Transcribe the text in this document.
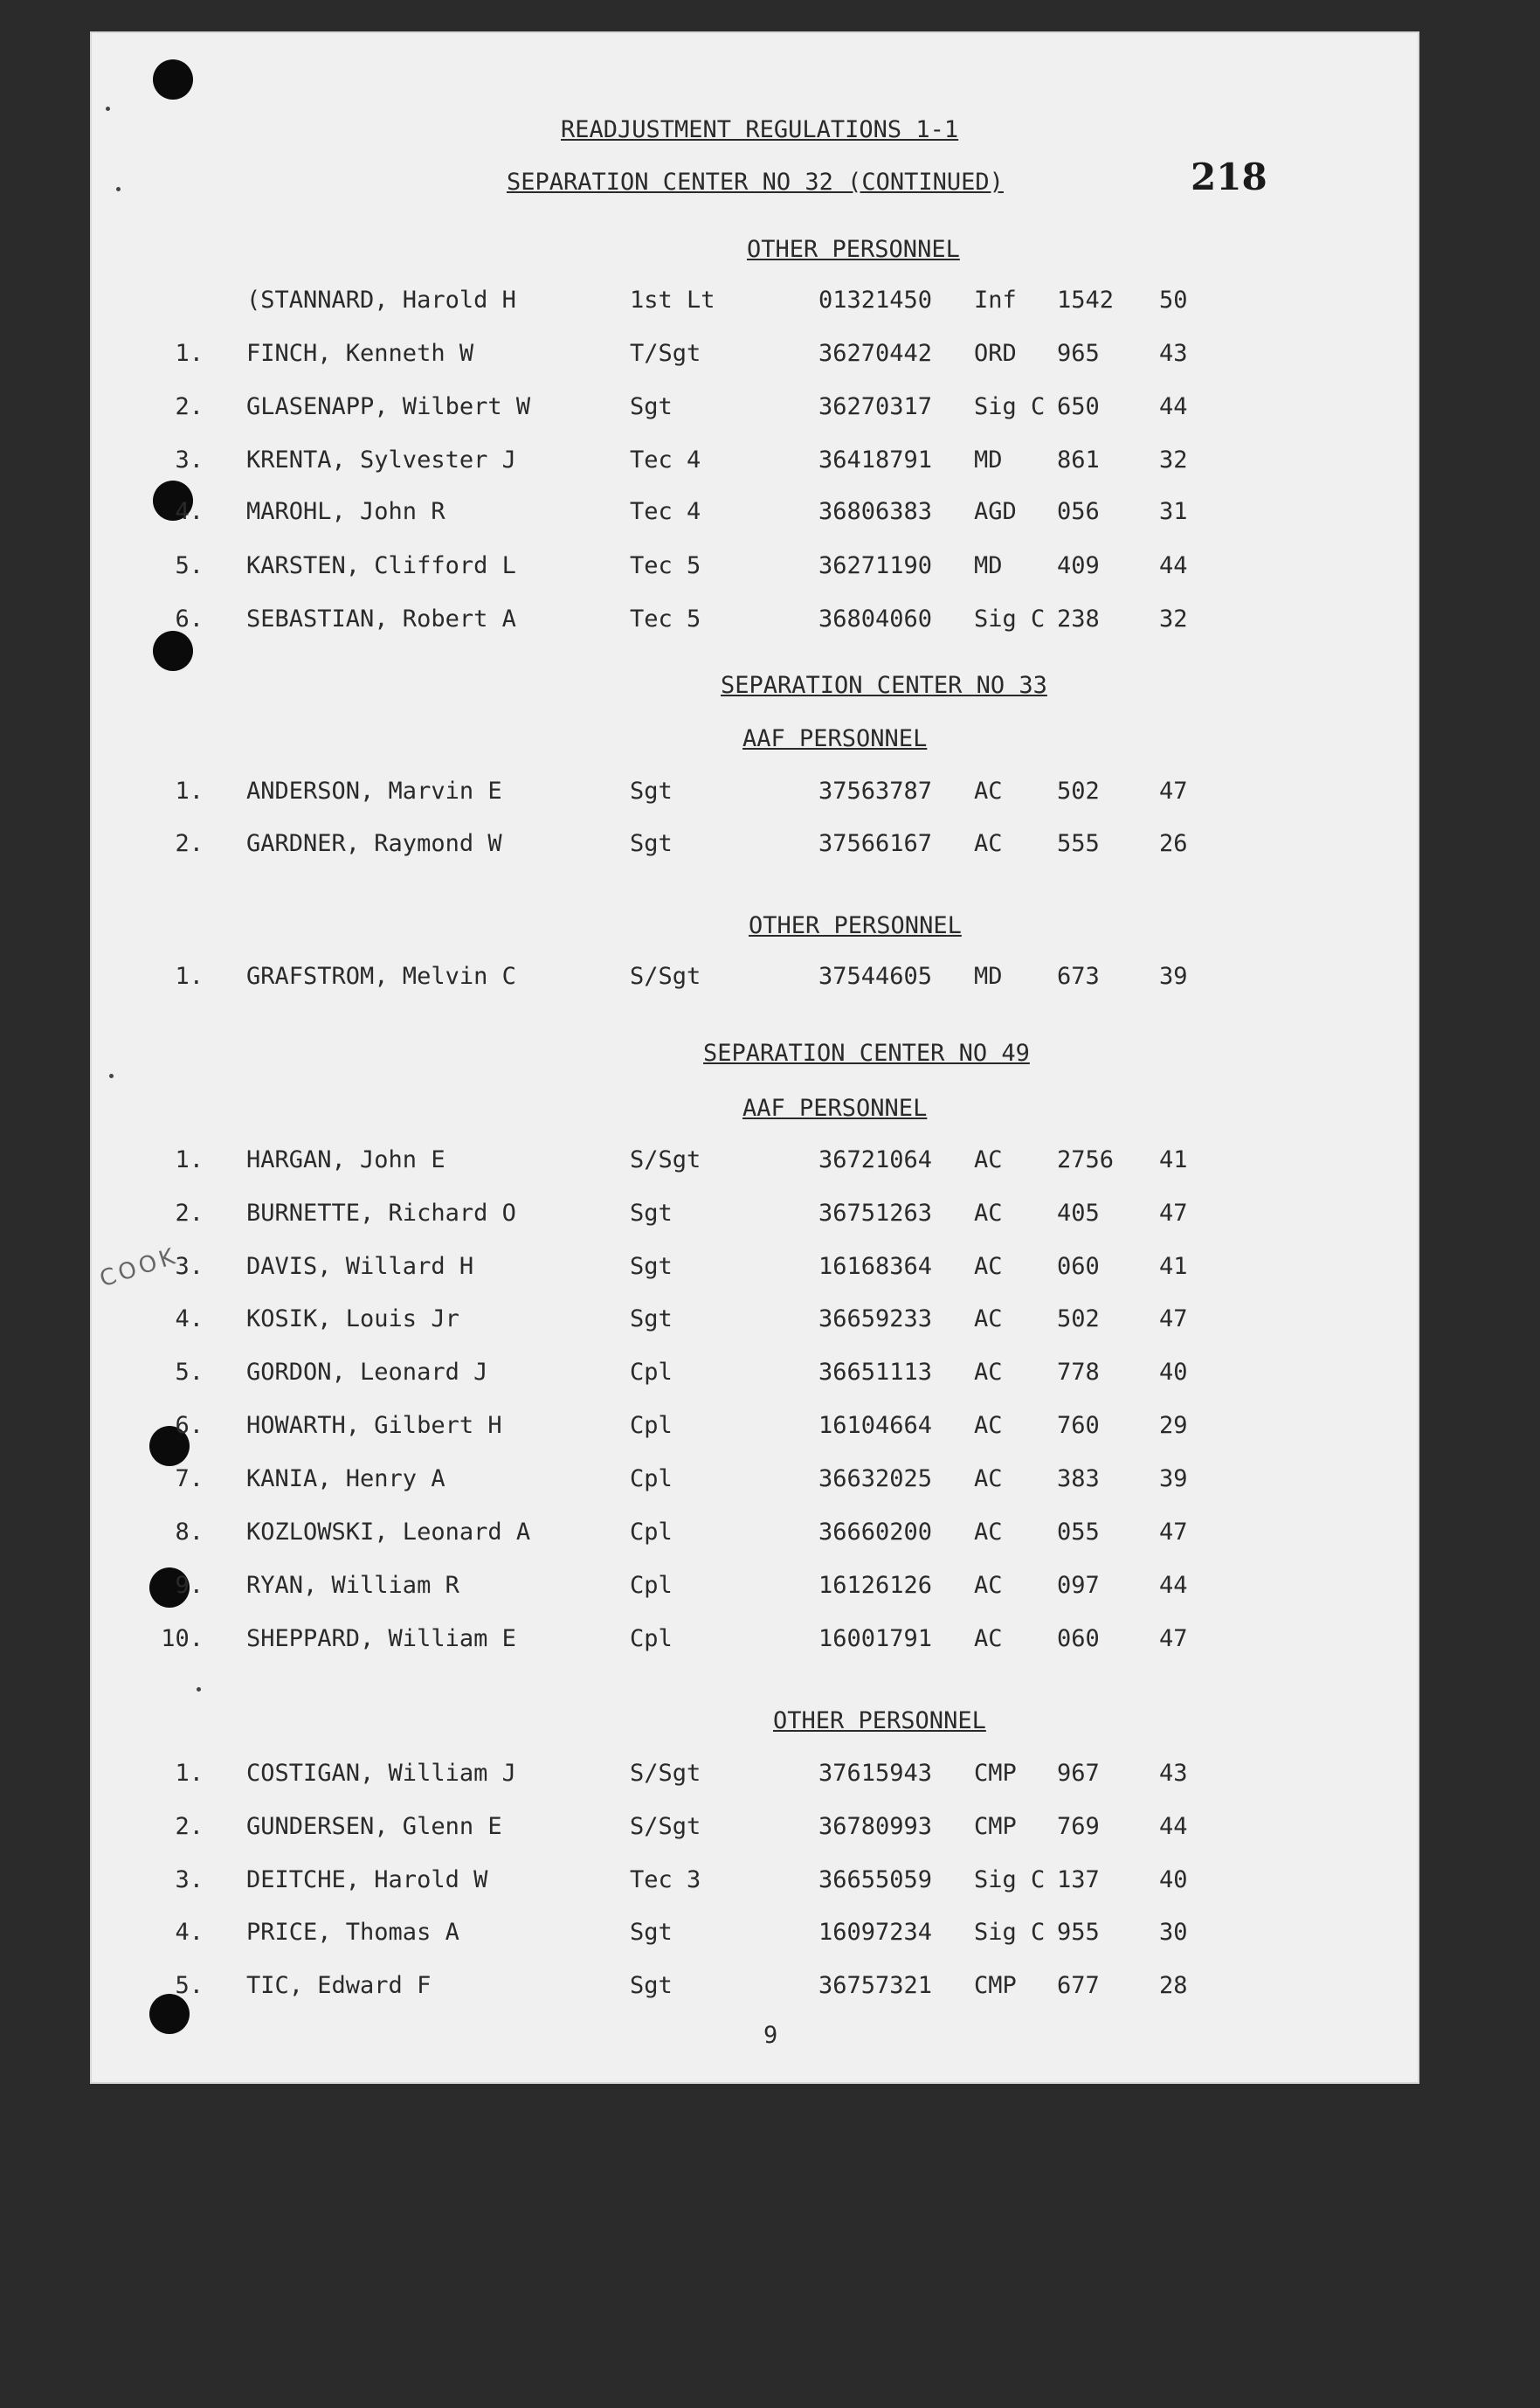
READJUSTMENT REGULATIONS 1-1
SEPARATION CENTER NO 32 (CONTINUED)	218
OTHER PERSONNEL
(STANNARD, Harold H	1st Lt	01321450 Inf 1542 50
1. FINCH, Kenneth W	T/Sgt	36270442 ORD 965	43
2. GLASENAPP, Wilbert W	Sgt	36270317 Sig C 650	44
3. KRENTA, Sylvester J	Tec 4	36418791 MD 861	32
4. MAROHL, John R	Tec 4	36806383 AGD 056	31
5. KARSTEN, Clifford L	Tec 5	36271190 MD 409	44
6. SEBASTIAN, Robert A	Tec 5	36804060 Sig C 238	32
SEPARATION CENTER NO 33
AAF PERSONNEL
1. ANDERSON, Marvin E	Sgt	37563787 AC 502	47
2. GARDNER, Raymond W	Sgt	37566167 AC 555	26
OTHER PERSONNEL
1. GRAFSTROM, Melvin C	S/Sgt	37544605 MD 673	39
SEPARATION CENTER NO 49
AAF PERSONNEL
1. HARGAN, John E	S/Sgt	36721064 AC 2756 41
2. BURNETTE, Richard O	Sgt	36751263 AC 405	47
3. DAVIS, Willard H	Sgt	16168364 AC 060	41
4. KOSIK, Louis Jr	Sgt	36659233 AC 502	47
5. GORDON, Leonard J	Cpl	36651113 AC 778	40
6. HOWARTH, Gilbert H	Cpl	16104664 AC 760	29
7. KANIA, Henry A	Cpl	36632025 AC 383	39
8. KOZLOWSKI, Leonard A	Cpl	36660200 AC 055	47
9. RYAN, William R	Cpl	16126126 AC 097	44
10. SHEPPARD, William E	Cpl	16001791 AC 060	47
OTHER PERSONNEL
1. COSTIGAN, William J	S/Sgt	37615943 CMP 967	43
2. GUNDERSEN, Glenn E	S/Sgt	36780993 CMP 769	44
3. DEITCHE, Harold W	Tec 3	36655059 Sig C 137	40
4. PRICE, Thomas A	Sgt	16097234 Sig C 955	30
5. TIC, Edward F	Sgt	36757321 CMP 677	28
COOK
9
